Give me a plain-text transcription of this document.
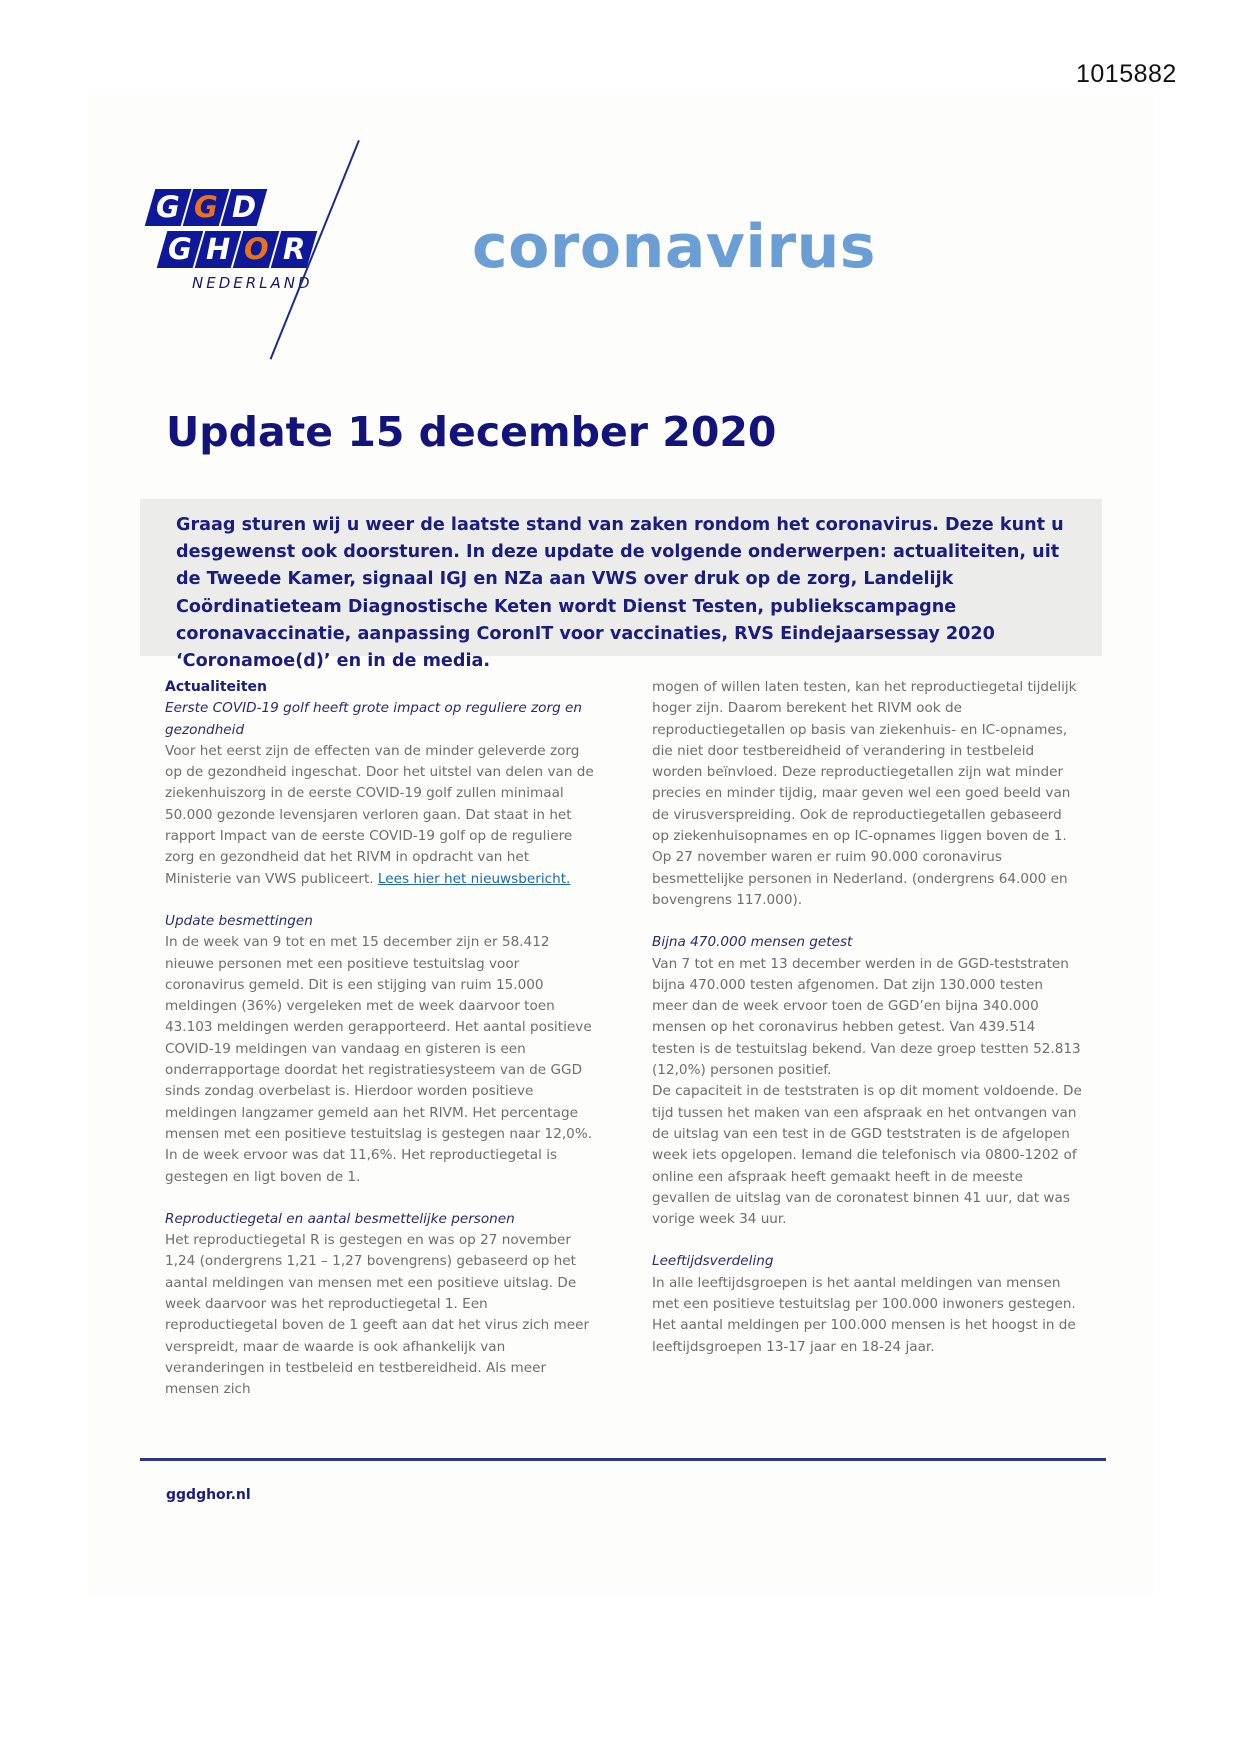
1015882
G G D
G H O R
NEDERLAND
coronavirus
Update 15 december 2020

Graag sturen wij u weer de laatste stand van zaken rondom het coronavirus. Deze kunt u desgewenst ook doorsturen. In deze update de volgende onderwerpen: actualiteiten, uit de Tweede Kamer, signaal IGJ en NZa aan VWS over druk op de zorg, Landelijk Coördinatieteam Diagnostische Keten wordt Dienst Testen, publiekscampagne coronavaccinatie, aanpassing CoronIT voor vaccinaties, RVS Eindejaarsessay 2020 ‘Coronamoe(d)’ en in de media.

Actualiteiten

Eerste COVID-19 golf heeft grote impact op reguliere zorg en gezondheid

Voor het eerst zijn de effecten van de minder geleverde zorg op de gezondheid ingeschat. Door het uitstel van delen van de ziekenhuiszorg in de eerste COVID-19 golf zullen minimaal 50.000 gezonde levensjaren verloren gaan. Dat staat in het rapport Impact van de eerste COVID-19 golf op de reguliere zorg en gezondheid dat het RIVM in opdracht van het Ministerie van VWS publiceert. Lees hier het nieuwsbericht.

Update besmettingen

In de week van 9 tot en met 15 december zijn er 58.412 nieuwe personen met een positieve testuitslag voor coronavirus gemeld. Dit is een stijging van ruim 15.000 meldingen (36%) vergeleken met de week daarvoor toen 43.103 meldingen werden gerapporteerd. Het aantal positieve COVID-19 meldingen van vandaag en gisteren is een onderrapportage doordat het registratiesysteem van de GGD sinds zondag overbelast is. Hierdoor worden positieve meldingen langzamer gemeld aan het RIVM. Het percentage mensen met een positieve testuitslag is gestegen naar 12,0%. In de week ervoor was dat 11,6%. Het reproductiegetal is gestegen en ligt boven de 1.

Reproductiegetal en aantal besmettelijke personen

Het reproductiegetal R is gestegen en was op 27 november 1,24 (ondergrens 1,21 – 1,27 bovengrens) gebaseerd op het aantal meldingen van mensen met een positieve uitslag. De week daarvoor was het reproductiegetal 1. Een reproductiegetal boven de 1 geeft aan dat het virus zich meer verspreidt, maar de waarde is ook afhankelijk van veranderingen in testbeleid en testbereidheid. Als meer mensen zich

mogen of willen laten testen, kan het reproductiegetal tijdelijk hoger zijn. Daarom berekent het RIVM ook de reproductiegetallen op basis van ziekenhuis- en IC-opnames, die niet door testbereidheid of verandering in testbeleid worden beïnvloed. Deze reproductiegetallen zijn wat minder precies en minder tijdig, maar geven wel een goed beeld van de virusverspreiding. Ook de reproductiegetallen gebaseerd op ziekenhuisopnames en op IC-opnames liggen boven de 1.

Op 27 november waren er ruim 90.000 coronavirus besmettelijke personen in Nederland. (ondergrens 64.000 en bovengrens 117.000).

Bijna 470.000 mensen getest

Van 7 tot en met 13 december werden in de GGD-teststraten bijna 470.000 testen afgenomen. Dat zijn 130.000 testen meer dan de week ervoor toen de GGD’en bijna 340.000 mensen op het coronavirus hebben getest. Van 439.514 testen is de testuitslag bekend. Van deze groep testten 52.813 (12,0%) personen positief.

De capaciteit in de teststraten is op dit moment voldoende. De tijd tussen het maken van een afspraak en het ontvangen van de uitslag van een test in de GGD teststraten is de afgelopen week iets opgelopen. Iemand die telefonisch via 0800-1202 of online een afspraak heeft gemaakt heeft in de meeste gevallen de uitslag van de coronatest binnen 41 uur, dat was vorige week 34 uur.

Leeftijdsverdeling

In alle leeftijdsgroepen is het aantal meldingen van mensen met een positieve testuitslag per 100.000 inwoners gestegen. Het aantal meldingen per 100.000 mensen is het hoogst in de leeftijdsgroepen 13-17 jaar en 18-24 jaar.

ggdghor.nl
